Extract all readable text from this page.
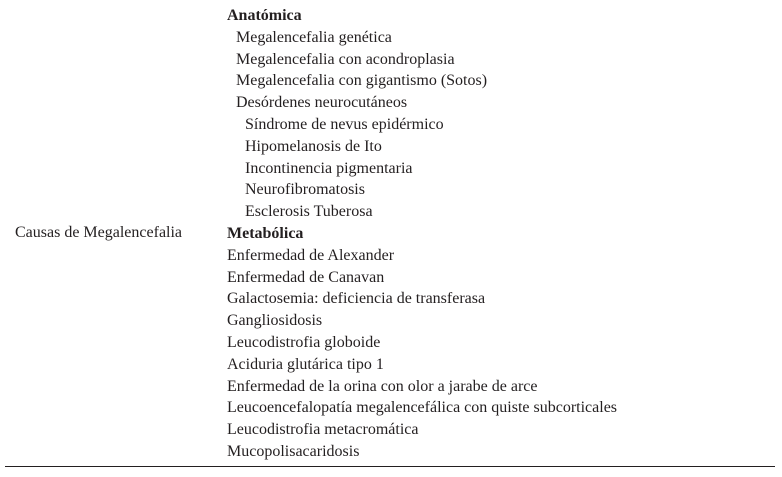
Causas de Megalencefalia
Anatómica
Megalencefalia genética
Megalencefalia con acondroplasia
Megalencefalia con gigantismo (Sotos)
Desórdenes neurocutáneos
Síndrome de nevus epidérmico
Hipomelanosis de Ito
Incontinencia pigmentaria
Neurofibromatosis
Esclerosis Tuberosa
Metabólica
Enfermedad de Alexander
Enfermedad de Canavan
Galactosemia: deficiencia de transferasa
Gangliosidosis
Leucodistrofia globoide
Aciduria glutárica tipo 1
Enfermedad de la orina con olor a jarabe de arce
Leucoencefalopatía megalencefálica con quiste subcorticales
Leucodistrofia metacromática
Mucopolisacaridosis
